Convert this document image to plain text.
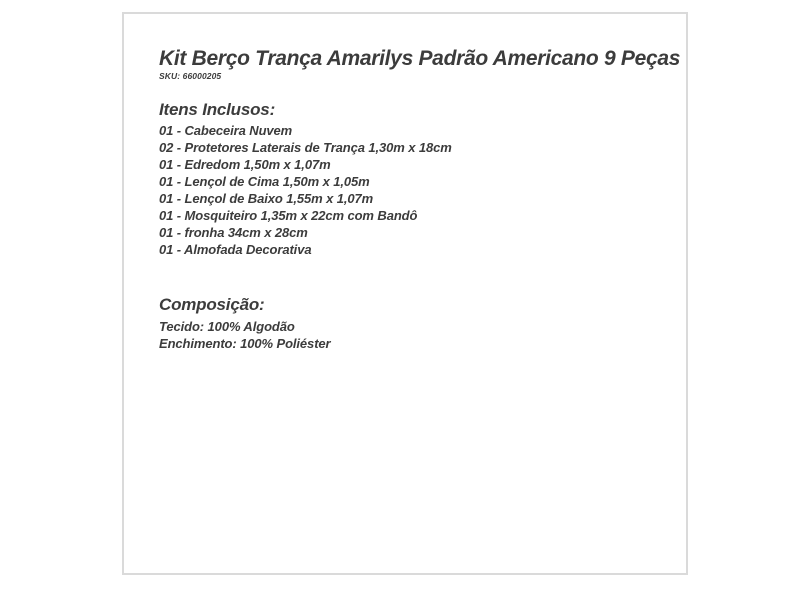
Kit Berço Trança Amarilys Padrão Americano 9 Peças
SKU: 66000205
Itens Inclusos:
01 - Cabeceira Nuvem
02 - Protetores Laterais de Trança 1,30m x 18cm
01 - Edredom 1,50m x 1,07m
01 - Lençol de Cima 1,50m x 1,05m
01 - Lençol de Baixo 1,55m x 1,07m
01 - Mosquiteiro 1,35m x 22cm com Bandô
01 - fronha 34cm x 28cm
01 - Almofada Decorativa
Composição:
Tecido: 100% Algodão
Enchimento: 100% Poliéster
